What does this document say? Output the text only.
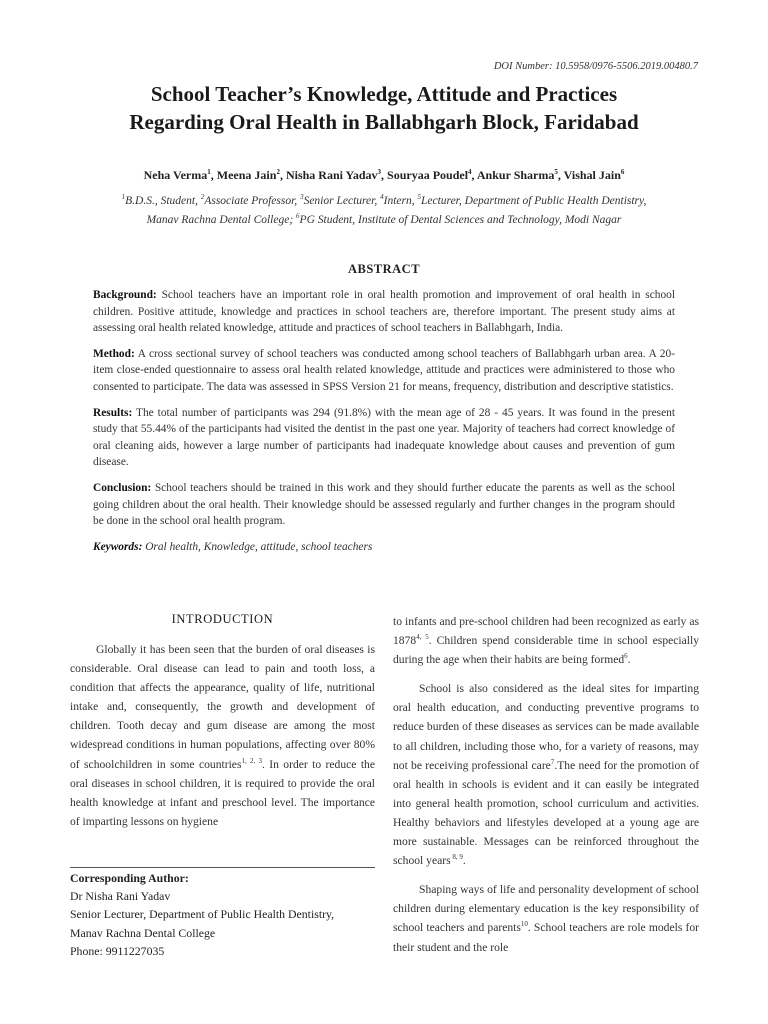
DOI Number: 10.5958/0976-5506.2019.00480.7
School Teacher’s Knowledge, Attitude and Practices
Regarding Oral Health in Ballabhgarh Block, Faridabad
Neha Verma$^1$, Meena Jain$^2$, Nisha Rani Yadav$^3$, Souryaa Poudel$^4$, Ankur Sharma$^5$, Vishal Jain$^6$
$^1$B.D.S., Student, $^2$Associate Professor, $^3$Senior Lecturer, $^4$Intern, $^5$Lecturer, Department of Public Health Dentistry,
Manav Rachna Dental College; $^6$PG Student, Institute of Dental Sciences and Technology, Modi Nagar
ABSTRACT

Background: School teachers have an important role in oral health promotion and improvement of oral health in school children. Positive attitude, knowledge and practices in school teachers are, therefore important. The present study aims at assessing oral health related knowledge, attitude and practices of school teachers in Ballabhgarh, India.

Method: A cross sectional survey of school teachers was conducted among school teachers of Ballabhgarh urban area. A 20-item close-ended questionnaire to assess oral health related knowledge, attitude and practices were administered to those who consented to participate. The data was assessed in SPSS Version 21 for means, frequency, distribution and descriptive statistics.

Results: The total number of participants was 294 (91.8%) with the mean age of 28 - 45 years. It was found in the present study that 55.44% of the participants had visited the dentist in the past one year. Majority of teachers had correct knowledge of oral cleaning aids, however a large number of participants had inadequate knowledge about causes and prevention of gum disease.

Conclusion: School teachers should be trained in this work and they should further educate the parents as well as the school going children about the oral health. Their knowledge should be assessed regularly and further changes in the program should be done in the school oral health program.

Keywords: Oral health, Knowledge, attitude, school teachers

INTRODUCTION

Globally it has been seen that the burden of oral diseases is considerable. Oral disease can lead to pain and tooth loss, a condition that affects the appearance, quality of life, nutritional intake and, consequently, the growth and development of children. Tooth decay and gum disease are among the most widespread conditions in human populations, affecting over 80% of schoolchildren in some countries$^{1, 2, 3}$. In order to reduce the oral diseases in school children, it is required to provide the oral health knowledge at infant and preschool level. The importance of imparting lessons on hygiene

Corresponding Author:
Dr Nisha Rani Yadav
Senior Lecturer, Department of Public Health Dentistry,
Manav Rachna Dental College
Phone: 9911227035

to infants and pre-school children had been recognized as early as 1878$^{4, 5}$. Children spend considerable time in school especially during the age when their habits are being formed$^6$.

School is also considered as the ideal sites for imparting oral health education, and conducting preventive programs to reduce burden of these diseases as services can be made available to all children, including those who, for a variety of reasons, may not be receiving professional care$^7$.The need for the promotion of oral health in schools is evident and it can easily be integrated into general health promotion, school curriculum and activities. Healthy behaviors and lifestyles developed at a young age are more sustainable. Messages can be reinforced throughout the school years $^{8, 9}$.

Shaping ways of life and personality development of school children during elementary education is the key responsibility of school teachers and parents$^{10}$. School teachers are role models for their student and the role
